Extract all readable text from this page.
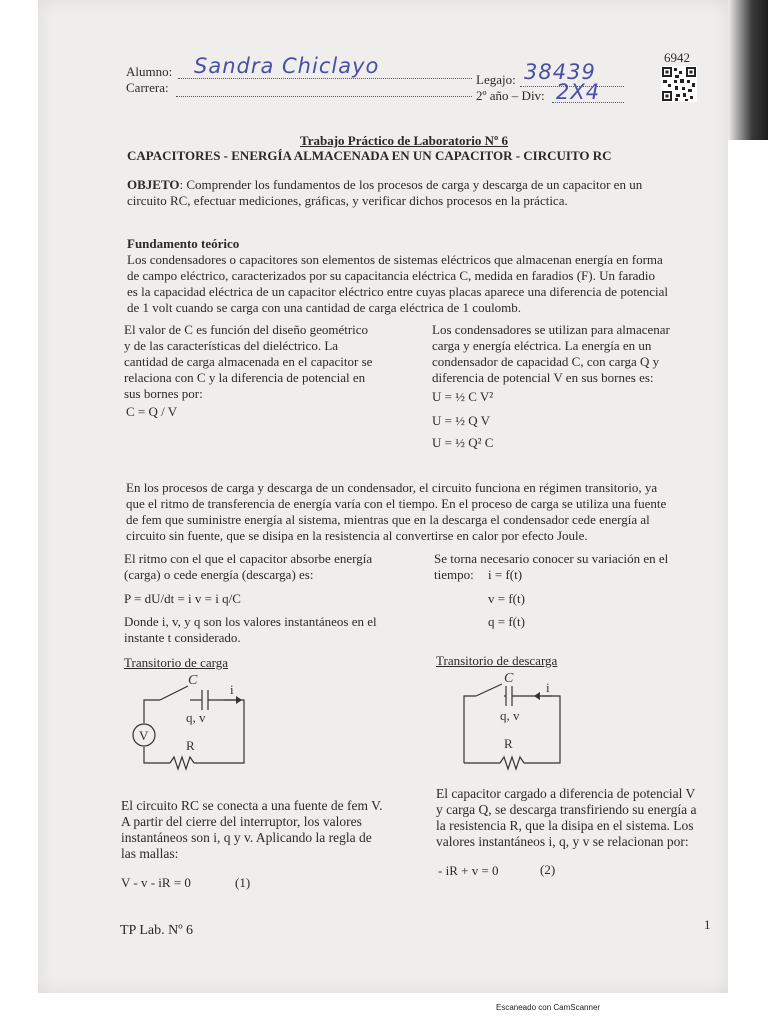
6942
Alumno: Sandra Chiclayo
Legajo: 38439
Carrera:
2º año – Div: 2X4
Trabajo Práctico de Laboratorio Nº 6
CAPACITORES - ENERGÍA ALMACENADA EN UN CAPACITOR - CIRCUITO RC
OBJETO: Comprender los fundamentos de los procesos de carga y descarga de un capacitor en un
circuito RC, efectuar mediciones, gráficas, y verificar dichos procesos en la práctica.
Fundamento teórico
Los condensadores o capacitores son elementos de sistemas eléctricos que almacenan energía en forma
de campo eléctrico, caracterizados por su capacitancia eléctrica C, medida en faradios (F). Un faradio
es la capacidad eléctrica de un capacitor eléctrico entre cuyas placas aparece una diferencia de potencial
de 1 volt cuando se carga con una cantidad de carga eléctrica de 1 coulomb.
El valor de C es función del diseño geométrico
y de las características del dieléctrico. La
cantidad de carga almacenada en el capacitor se
relaciona con C y la diferencia de potencial en
sus bornes por:
C = Q / V
Los condensadores se utilizan para almacenar
carga y energía eléctrica. La energía en un
condensador de capacidad C, con carga Q y
diferencia de potencial V en sus bornes es:
U = ½ C V²
U = ½ Q V
U = ½ Q² C
En los procesos de carga y descarga de un condensador, el circuito funciona en régimen transitorio, ya
que el ritmo de transferencia de energía varía con el tiempo. En el proceso de carga se utiliza una fuente
de fem que suministre energía al sistema, mientras que en la descarga el condensador cede energía al
circuito sin fuente, que se disipa en la resistencia al convertirse en calor por efecto Joule.
El ritmo con el que el capacitor absorbe energía
(carga) o cede energía (descarga) es:
P = dU/dt = i v = i q/C
Donde i, v, y q son los valores instantáneos en el
instante t considerado.
Se torna necesario conocer su variación en el
tiempo:	i = f(t)
v = f(t)
q = f(t)
Transitorio de carga
C
i
q, v
V
R
El circuito RC se conecta a una fuente de fem V.
A partir del cierre del interruptor, los valores
instantáneos son i, q y v. Aplicando la regla de
las mallas:
V - v - iR = 0	(1)
Transitorio de descarga
C
i
q, v
R
El capacitor cargado a diferencia de potencial V
y carga Q, se descarga transfiriendo su energía a
la resistencia R, que la disipa en el sistema. Los
valores instantáneos i, q, y v se relacionan por:
- iR + v = 0	(2)
TP Lab. Nº 6	1
Escaneado con CamScanner
